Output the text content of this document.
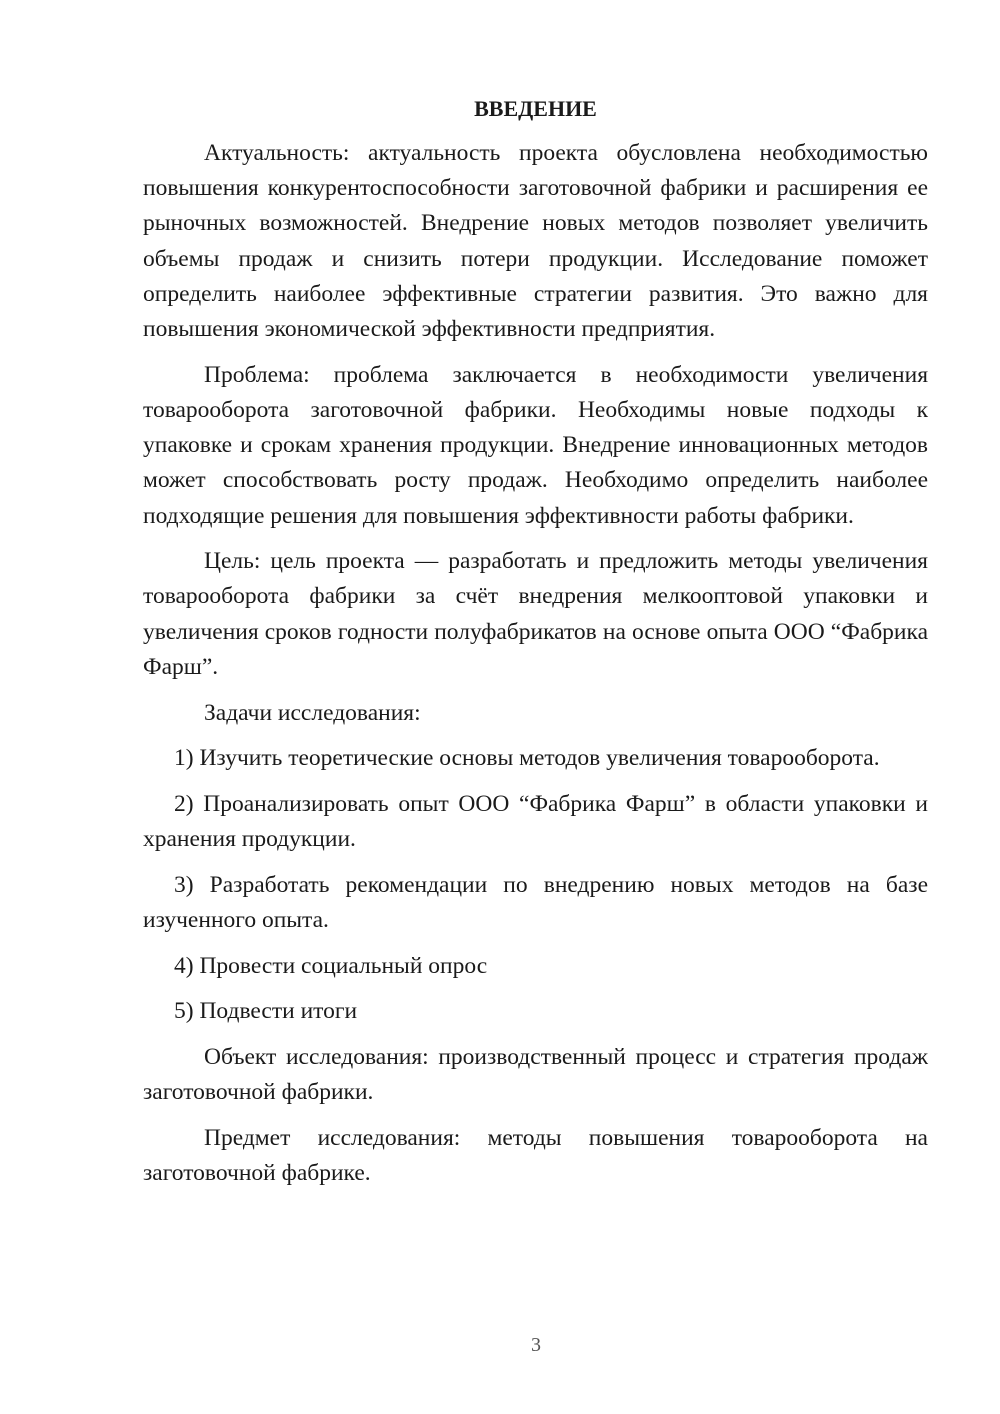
ВВЕДЕНИЕ

Актуальность: актуальность проекта обусловлена необходимостью повышения конкурентоспособности заготовочной фабрики и расширения ее рыночных возможностей. Внедрение новых методов позволяет увеличить объемы продаж и снизить потери продукции. Исследование поможет определить наиболее эффективные стратегии развития. Это важно для повышения экономической эффективности предприятия.

Проблема: проблема заключается в необходимости увеличения товарооборота заготовочной фабрики. Необходимы новые подходы к упаковке и срокам хранения продукции. Внедрение инновационных методов может способствовать росту продаж. Необходимо определить наиболее подходящие решения для повышения эффективности работы фабрики.

Цель: цель проекта — разработать и предложить методы увеличения товарооборота фабрики за счёт внедрения мелкооптовой упаковки и увеличения сроков годности полуфабрикатов на основе опыта ООО “Фабрика Фарш”.

Задачи исследования:

1) Изучить теоретические основы методов увеличения товарооборота.

2) Проанализировать опыт ООО “Фабрика Фарш” в области упаковки и хранения продукции.

3) Разработать рекомендации по внедрению новых методов на базе изученного опыта.

4) Провести социальный опрос

5) Подвести итоги

Объект исследования: производственный процесс и стратегия продаж заготовочной фабрики.

Предмет исследования: методы повышения товарооборота на заготовочной фабрике.

3
